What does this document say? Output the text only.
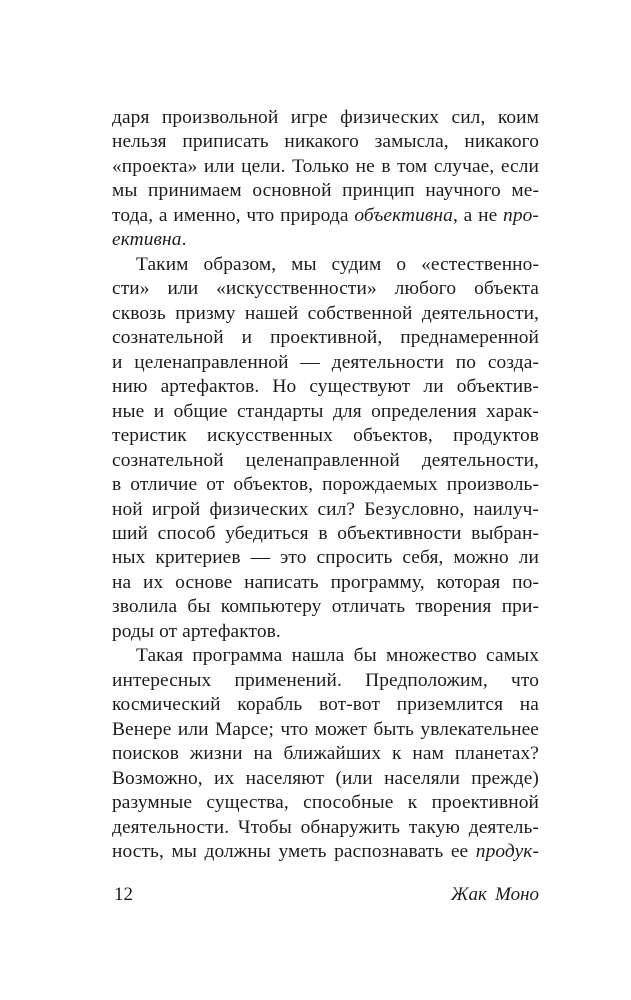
даря произвольной игре физических сил, коим
нельзя приписать никакого замысла, никакого
«проекта» или цели. Только не в том случае, если
мы принимаем основной принцип научного ме-
тода, а именно, что природа объективна, а не про-
ективна.
Таким образом, мы судим о «естественно-
сти» или «искусственности» любого объекта
сквозь призму нашей собственной деятельности,
сознательной и проективной, преднамеренной
и целенаправленной — деятельности по созда-
нию артефактов. Но существуют ли объектив-
ные и общие стандарты для определения харак-
теристик искусственных объектов, продуктов
сознательной целенаправленной деятельности,
в отличие от объектов, порождаемых произволь-
ной игрой физических сил? Безусловно, наилуч-
ший способ убедиться в объективности выбран-
ных критериев — это спросить себя, можно ли
на их основе написать программу, которая по-
зволила бы компьютеру отличать творения при-
роды от артефактов.
Такая программа нашла бы множество самых
интересных применений. Предположим, что
космический корабль вот-вот приземлится на
Венере или Марсе; что может быть увлекательнее
поисков жизни на ближайших к нам планетах?
Возможно, их населяют (или населяли прежде)
разумные существа, способные к проективной
деятельности. Чтобы обнаружить такую деятель-
ность, мы должны уметь распознавать ее продук-
12	Жак Моно
